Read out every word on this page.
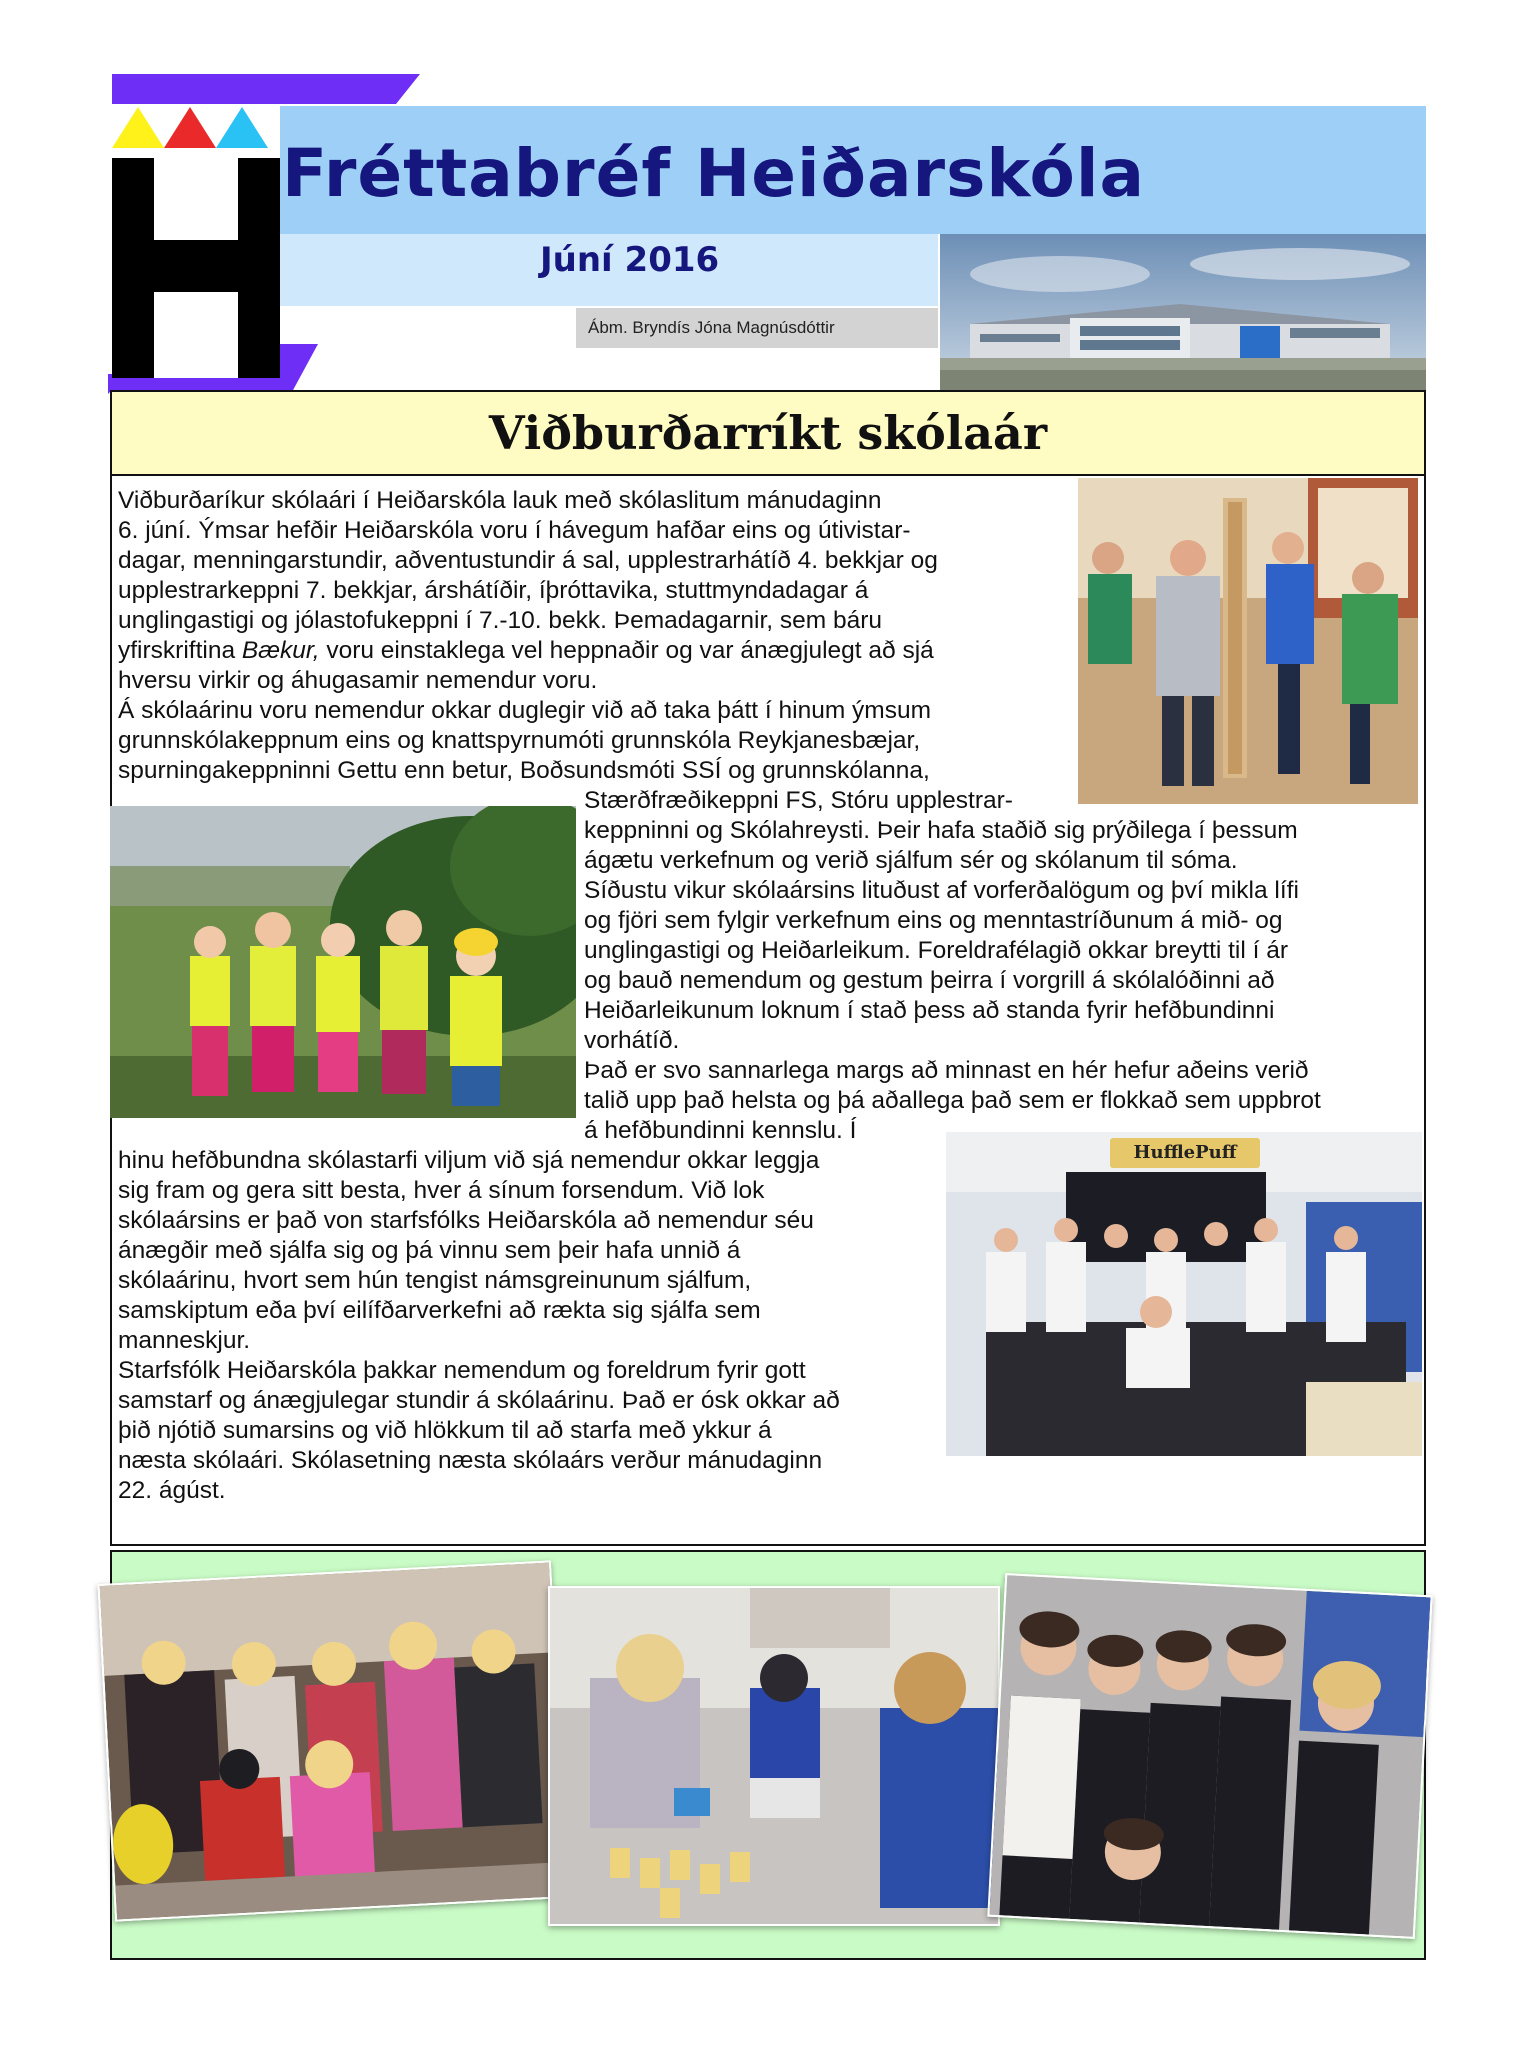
Fréttabréf Heiðarskóla
Júní 2016
Ábm. Bryndís Jóna Magnúsdóttir
Viðburðarríkt skólaár
HufflePuff

Viðburðaríkur skólaári í Heiðarskóla lauk með skólaslitum mánudaginn

6. júní. Ýmsar hefðir Heiðarskóla voru í hávegum hafðar eins og útivistar-

dagar, menningarstundir, aðventustundir á sal, upplestrarhátíð 4. bekkjar og

upplestrarkeppni 7. bekkjar, árshátíðir, íþróttavika, stuttmyndadagar á

unglingastigi og jólastofukeppni í 7.-10. bekk. Þemadagarnir, sem báru

yfirskriftina Bækur, voru einstaklega vel heppnaðir og var ánægjulegt að sjá

hversu virkir og áhugasamir nemendur voru.

Á skólaárinu voru nemendur okkar duglegir við að taka þátt í hinum ýmsum

grunnskólakeppnum eins og knattspyrnumóti grunnskóla Reykjanesbæjar,

spurningakeppninni Gettu enn betur, Boðsundsmóti SSÍ og grunnskólanna,

Stærðfræðikeppni FS, Stóru upplestrar-

keppninni og Skólahreysti. Þeir hafa staðið sig prýðilega í þessum

ágætu verkefnum og verið sjálfum sér og skólanum til sóma.

Síðustu vikur skólaársins lituðust af vorferðalögum og því mikla lífi

og fjöri sem fylgir verkefnum eins og menntastríðunum á mið- og

unglingastigi og Heiðarleikum. Foreldrafélagið okkar breytti til í ár

og bauð nemendum og gestum þeirra í vorgrill á skólalóðinni að

Heiðarleikunum loknum í stað þess að standa fyrir hefðbundinni

vorhátíð.

Það er svo sannarlega margs að minnast en hér hefur aðeins verið

talið upp það helsta og þá aðallega það sem er flokkað sem uppbrot

á hefðbundinni kennslu. Í

hinu hefðbundna skólastarfi viljum við sjá nemendur okkar leggja

sig fram og gera sitt besta, hver á sínum forsendum. Við lok

skólaársins er það von starfsfólks Heiðarskóla að nemendur séu

ánægðir með sjálfa sig og þá vinnu sem þeir hafa unnið á

skólaárinu, hvort sem hún tengist námsgreinunum sjálfum,

samskiptum eða því eilífðarverkefni að rækta sig sjálfa sem

manneskjur.

Starfsfólk Heiðarskóla þakkar nemendum og foreldrum fyrir gott

samstarf og ánægjulegar stundir á skólaárinu. Það er ósk okkar að

þið njótið sumarsins og við hlökkum til að starfa með ykkur á

næsta skólaári. Skólasetning næsta skólaárs verður mánudaginn

22. ágúst.
